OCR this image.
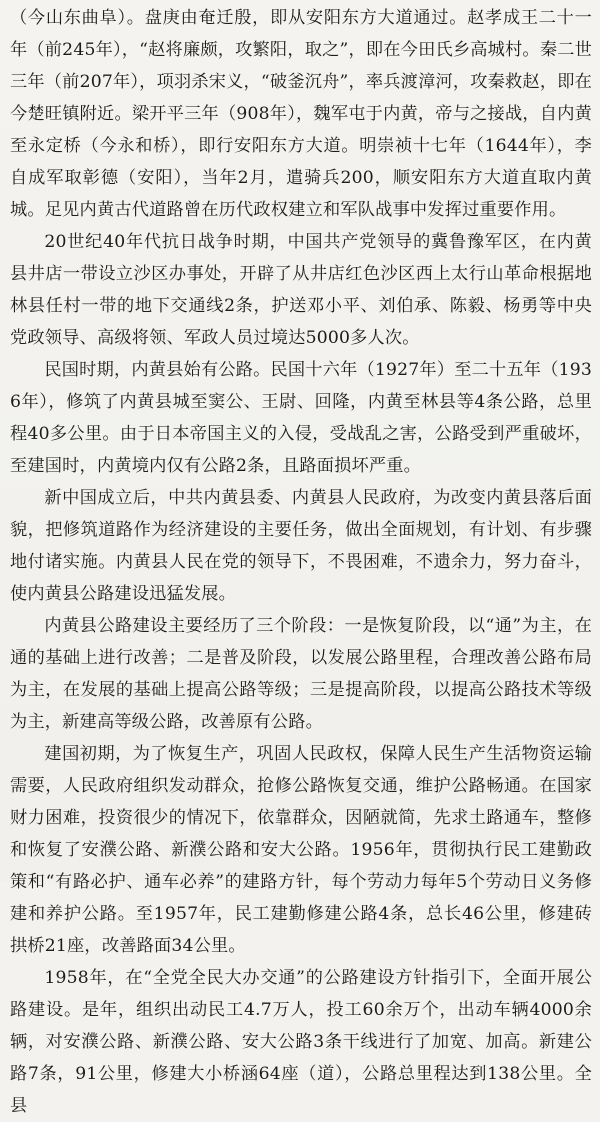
（今山东曲阜）。盘庚由奄迁殷，即从安阳东方大道通过。赵孝成王二十一年（前245年），“赵将廉颇，攻繁阳，取之”，即在今田氏乡高城村。秦二世三年（前207年），项羽杀宋义，“破釜沉舟”，率兵渡漳河，攻秦救赵，即在今楚旺镇附近。梁开平三年（908年），魏军屯于内黄，帝与之接战，自内黄至永定桥（今永和桥），即行安阳东方大道。明崇祯十七年（1644年），李自成军取彰德（安阳），当年2月，遣骑兵200，顺安阳东方大道直取内黄城。足见内黄古代道路曾在历代政权建立和军队战事中发挥过重要作用。

20世纪40年代抗日战争时期，中国共产党领导的冀鲁豫军区，在内黄县井店一带设立沙区办事处，开辟了从井店红色沙区西上太行山革命根据地林县任村一带的地下交通线2条，护送邓小平、刘伯承、陈毅、杨勇等中央党政领导、高级将领、军政人员过境达5000多人次。

民国时期，内黄县始有公路。民国十六年（1927年）至二十五年（1936年），修筑了内黄县城至窦公、王尉、回隆，内黄至林县等4条公路，总里程40多公里。由于日本帝国主义的入侵，受战乱之害，公路受到严重破坏，至建国时，内黄境内仅有公路2条，且路面损坏严重。

新中国成立后，中共内黄县委、内黄县人民政府，为改变内黄县落后面貌，把修筑道路作为经济建设的主要任务，做出全面规划，有计划、有步骤地付诸实施。内黄县人民在党的领导下，不畏困难，不遗余力，努力奋斗，使内黄县公路建设迅猛发展。

内黄县公路建设主要经历了三个阶段：一是恢复阶段，以“通”为主，在通的基础上进行改善；二是普及阶段，以发展公路里程，合理改善公路布局为主，在发展的基础上提高公路等级；三是提高阶段，以提高公路技术等级为主，新建高等级公路，改善原有公路。

建国初期，为了恢复生产，巩固人民政权，保障人民生产生活物资运输需要，人民政府组织发动群众，抢修公路恢复交通，维护公路畅通。在国家财力困难，投资很少的情况下，依靠群众，因陋就简，先求土路通车，整修和恢复了安濮公路、新濮公路和安大公路。1956年，贯彻执行民工建勤政策和“有路必护、通车必养”的建路方针，每个劳动力每年5个劳动日义务修建和养护公路。至1957年，民工建勤修建公路4条，总长46公里，修建砖拱桥21座，改善路面34公里。

1958年，在“全党全民大办交通”的公路建设方针指引下，全面开展公路建设。是年，组织出动民工4.7万人，投工60余万个，出动车辆4000余辆，对安濮公路、新濮公路、安大公路3条干线进行了加宽、加高。新建公路7条，91公里，修建大小桥涵64座（道），公路总里程达到138公里。全县
